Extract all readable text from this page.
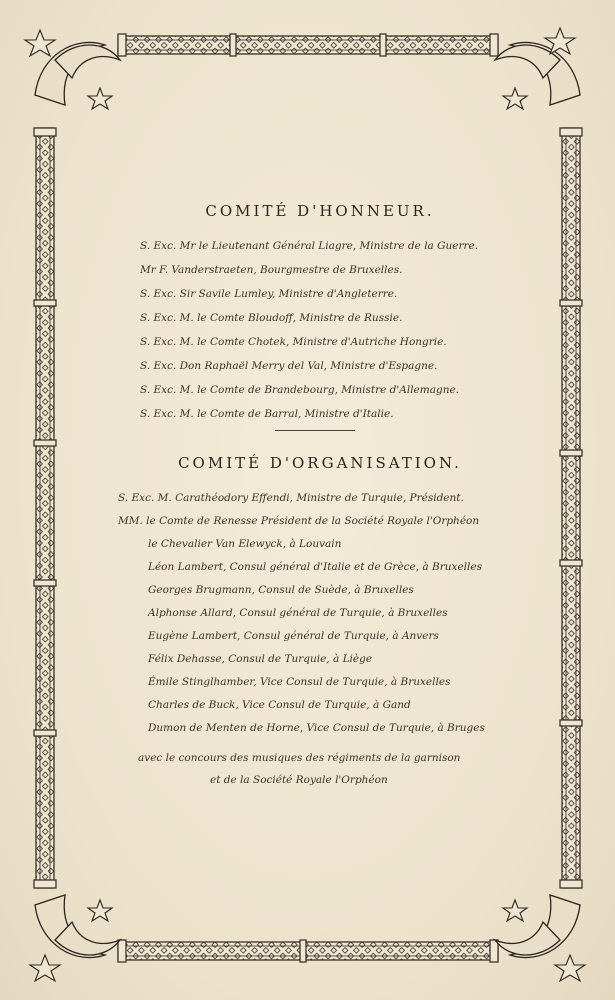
COMITÉ D'HONNEUR.
S. Exc. Mr le Lieutenant Général Liagre, Ministre de la Guerre.
Mr F. Vanderstraeten, Bourgmestre de Bruxelles.
S. Exc. Sir Savile Lumley, Ministre d'Angleterre.
S. Exc. M. le Comte Bloudoff, Ministre de Russie.
S. Exc. M. le Comte Chotek, Ministre d'Autriche Hongrie.
S. Exc. Don Raphaël Merry del Val, Ministre d'Espagne.
S. Exc. M. le Comte de Brandebourg, Ministre d'Allemagne.
S. Exc. M. le Comte de Barral, Ministre d'Italie.
COMITÉ D'ORGANISATION.
S. Exc. M. Carathéodory Effendi, Ministre de Turquie, Président.
MM. le Comte de Renesse Président de la Société Royale l'Orphéon
le Chevalier Van Elewyck, à Louvain
Léon Lambert, Consul général d'Italie et de Grèce, à Bruxelles
Georges Brugmann, Consul de Suède, à Bruxelles
Alphonse Allard, Consul général de Turquie, à Bruxelles
Eugène Lambert, Consul général de Turquie, à Anvers
Félix Dehasse, Consul de Turquie, à Liège
Émile Stinglhamber, Vice Consul de Turquie, à Bruxelles
Charles de Buck, Vice Consul de Turquie, à Gand
Dumon de Menten de Horne, Vice Consul de Turquie, à Bruges
avec le concours des musiques des régiments de la garnison
et de la Société Royale l'Orphéon
